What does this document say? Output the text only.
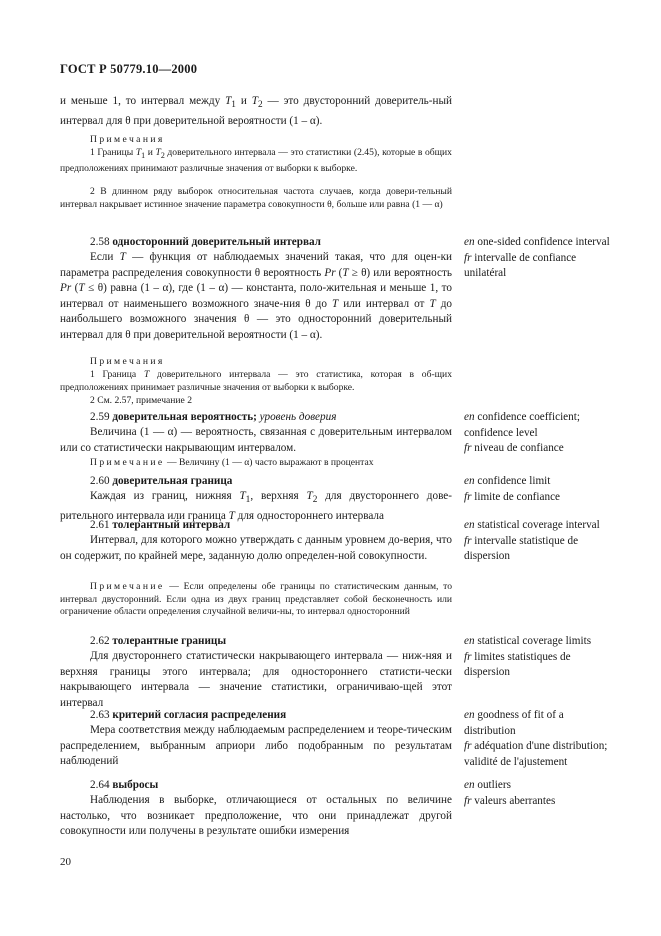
ГОСТ Р 50779.10—2000

и меньше 1, то интервал между $T_1$ и $T_2$ — это двусторонний доверитель-ный интервал для θ при доверительной вероятности (1 – α).

Примечания

1 Границы $T_1$ и $T_2$ доверительного интервала — это статистики (2.45), которые в общих предположениях принимают различные значения от выборки к выборке.

2 В длинном ряду выборок относительная частота случаев, когда довери-тельный интервал накрывает истинное значение параметра совокупности θ, больше или равна (1 — α)

2.58 односторонний доверительный интервал

Если T — функция от наблюдаемых значений такая, что для оцен-ки параметра распределения совокупности θ вероятность Pr (T ≥ θ) или вероятность Pr (T ≤ θ) равна (1 – α), где (1 – α) — константа, поло-жительная и меньше 1, то интервал от наименьшего возможного значе-ния θ до T или интервал от T до наибольшего возможного значения θ — это односторонний доверительный интервал для θ при доверительной вероятности (1 – α).

Примечания

1 Граница T доверительного интервала — это статистика, которая в об-щих предположениях принимает различные значения от выборки к выборке.

2 См. 2.57, примечание 2

2.59 доверительная вероятность; уровень доверия

Величина (1 — α) — вероятность, связанная с доверительным интервалом или со статистически накрывающим интервалом.

Примечание — Величину (1 — α) часто выражают в процентах

2.60 доверительная граница

Каждая из границ, нижняя $T_1$, верхняя $T_2$ для двустороннего дове-рительного интервала или граница T для одностороннего интервала

2.61 толерантный интервал

Интервал, для которого можно утверждать с данным уровнем до-верия, что он содержит, по крайней мере, заданную долю определен-ной совокупности.

Примечание — Если определены обе границы по статистическим данным, то интервал двусторонний. Если одна из двух границ представляет собой бесконечность или ограничение области определения случайной величи-ны, то интервал односторонний

2.62 толерантные границы

Для двустороннего статистически накрывающего интервала — ниж-няя и верхняя границы этого интервала; для одностороннего статисти-чески накрывающего интервала — значение статистики, ограничиваю-щей этот интервал

2.63 критерий согласия распределения

Мера соответствия между наблюдаемым распределением и теоре-тическим распределением, выбранным априори либо подобранным по результатам наблюдений

2.64 выбросы

Наблюдения в выборке, отличающиеся от остальных по величине настолько, что возникает предположение, что они принадлежат другой совокупности или получены в результате ошибки измерения

en one-sided confidence interval
fr intervalle de confiance unilatéral
en confidence coefficient; confidence level
fr niveau de confiance
en confidence limit
fr limite de confiance
en statistical coverage interval
fr intervalle statistique de dispersion
en statistical coverage limits
fr limites statistiques de dispersion
en goodness of fit of a distribution
fr adéquation d'une distribution; validité de l'ajustement
en outliers
fr valeurs aberrantes
20
